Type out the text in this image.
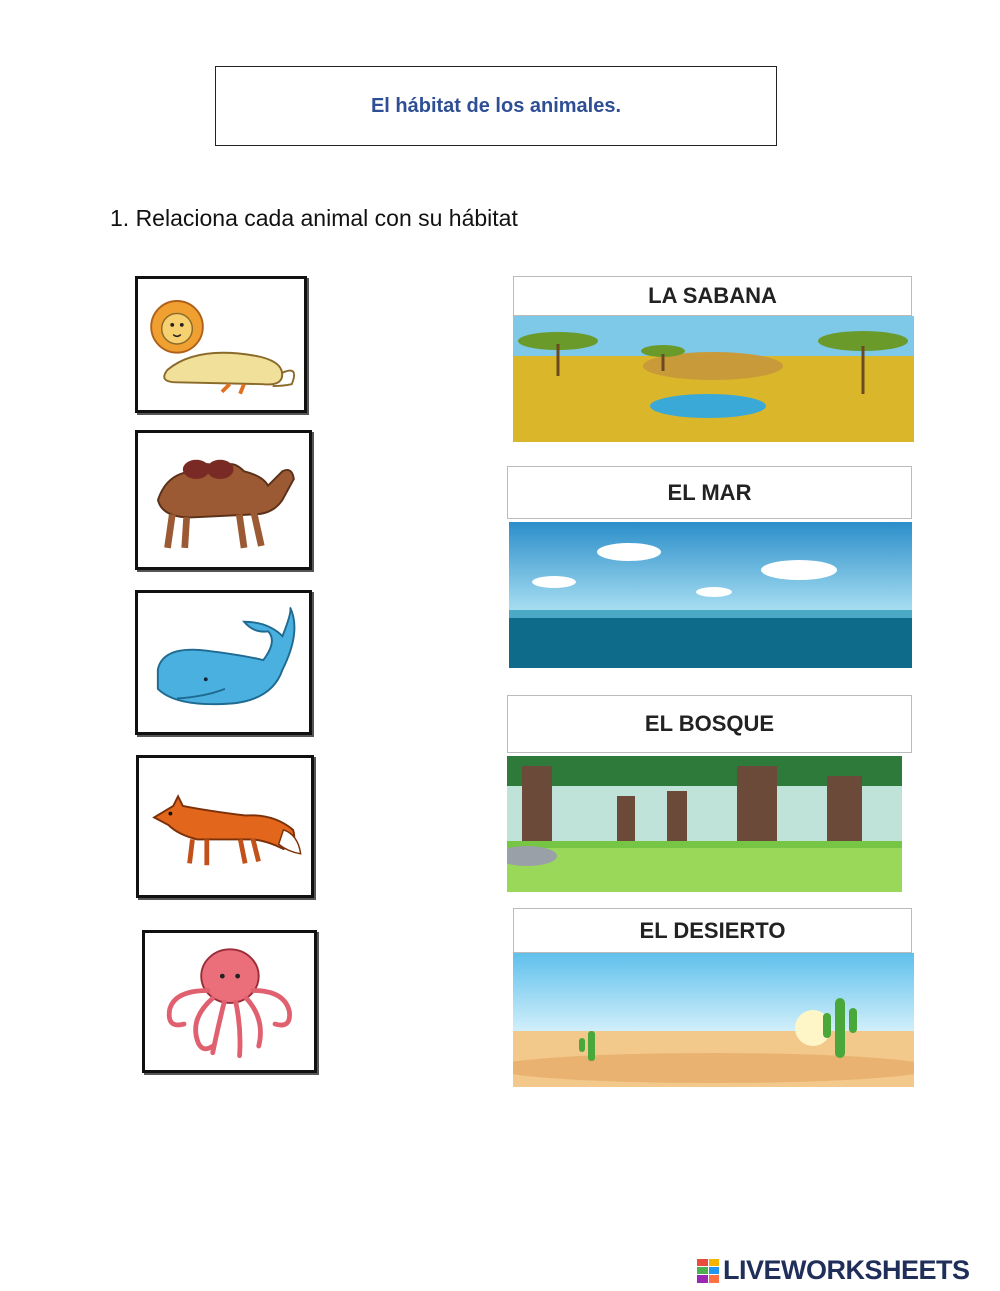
El hábitat de los animales.
1. Relaciona cada animal con su hábitat
LA SABANA
EL MAR
EL BOSQUE
EL DESIERTO
LIVEWORKSHEETS
